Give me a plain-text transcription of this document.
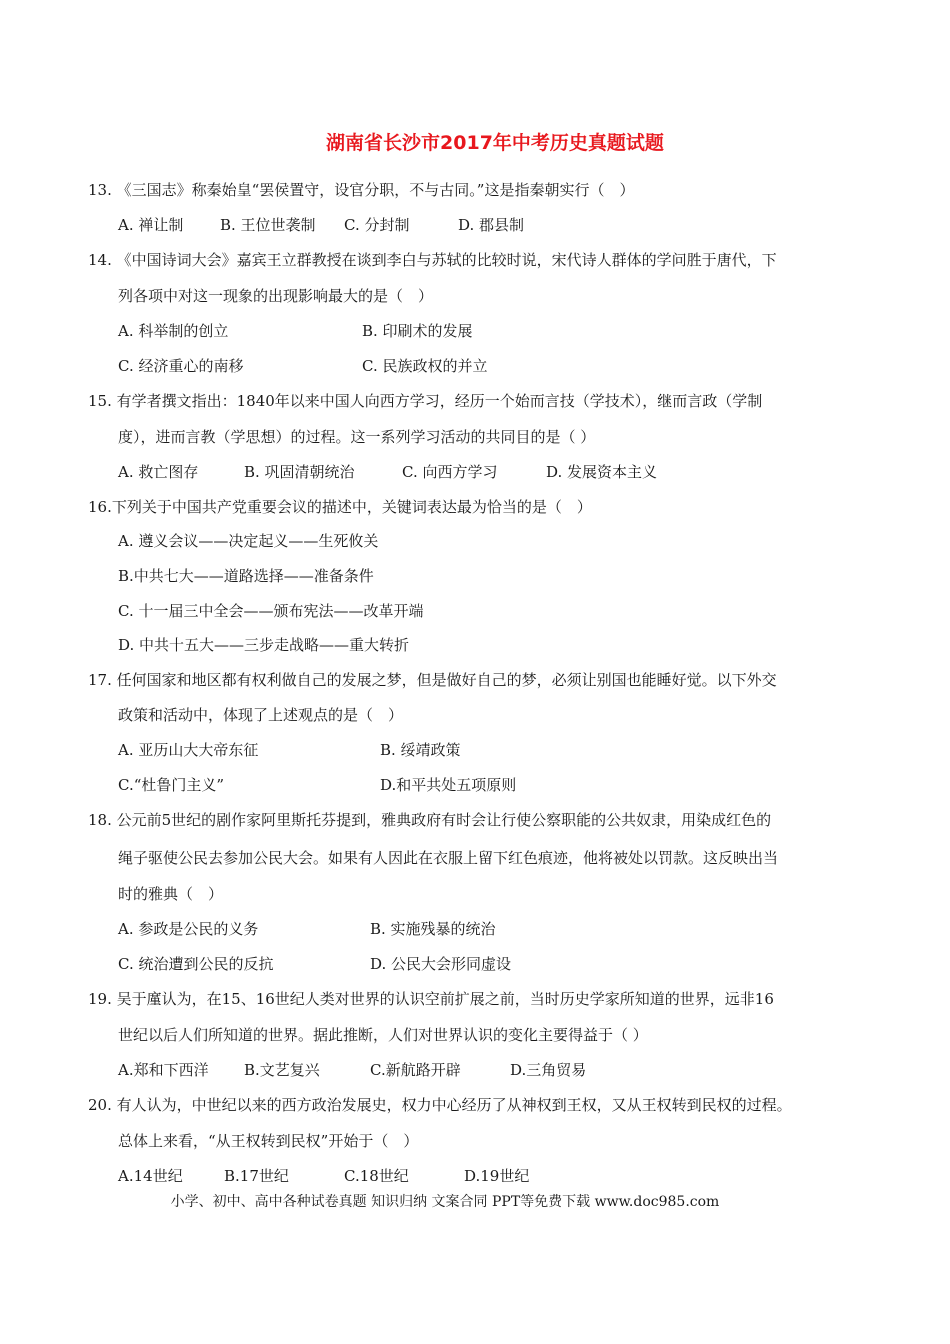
湖南省长沙市2017年中考历史真题试题
13. 《三国志》称秦始皇“罢侯置守，设官分职，不与古同。”这是指秦朝实行（　）
A. 禅让制 B. 王位世袭制 C. 分封制	D. 郡县制
14. 《中国诗词大会》嘉宾王立群教授在谈到李白与苏轼的比较时说，宋代诗人群体的学问胜于唐代，下
列各项中对这一现象的出现影响最大的是（　）
A. 科举制的创立	B. 印刷术的发展
C. 经济重心的南移	C. 民族政权的并立
15. 有学者撰文指出：1840年以来中国人向西方学习，经历一个始而言技（学技术），继而言政（学制
度），进而言教（学思想）的过程。这一系列学习活动的共同目的是（ ）
A. 救亡图存	B. 巩固清朝统治	C. 向西方学习	D. 发展资本主义
16.下列关于中国共产党重要会议的描述中，关键词表达最为恰当的是（　）
A. 遵义会议——决定起义——生死攸关
B.中共七大——道路选择——准备条件
C. 十一届三中全会——颁布宪法——改革开端
D. 中共十五大——三步走战略——重大转折
17. 任何国家和地区都有权利做自己的发展之梦，但是做好自己的梦，必须让别国也能睡好觉。以下外交
政策和活动中，体现了上述观点的是（　）
A. 亚历山大大帝东征	B. 绥靖政策
C.“杜鲁门主义”	D.和平共处五项原则
18. 公元前5世纪的剧作家阿里斯托芬提到，雅典政府有时会让行使公察职能的公共奴隶，用染成红色的
绳子驱使公民去参加公民大会。如果有人因此在衣服上留下红色痕迹，他将被处以罚款。这反映出当
时的雅典（　）
A. 参政是公民的义务	B. 实施残暴的统治
C. 统治遭到公民的反抗	D. 公民大会形同虚设
19. 吴于廑认为，在15、16世纪人类对世界的认识空前扩展之前，当时历史学家所知道的世界，远非16
世纪以后人们所知道的世界。据此推断，人们对世界认识的变化主要得益于（ ）
A.郑和下西洋 B.文艺复兴	C.新航路开辟	D.三角贸易
20. 有人认为，中世纪以来的西方政治发展史，权力中心经历了从神权到王权，又从王权转到民权的过程。
总体上来看，“从王权转到民权”开始于（　）
A.14世纪	B.17世纪	C.18世纪	D.19世纪
小学、初中、高中各种试卷真题 知识归纳 文案合同 PPT等免费下载 www.doc985.com
